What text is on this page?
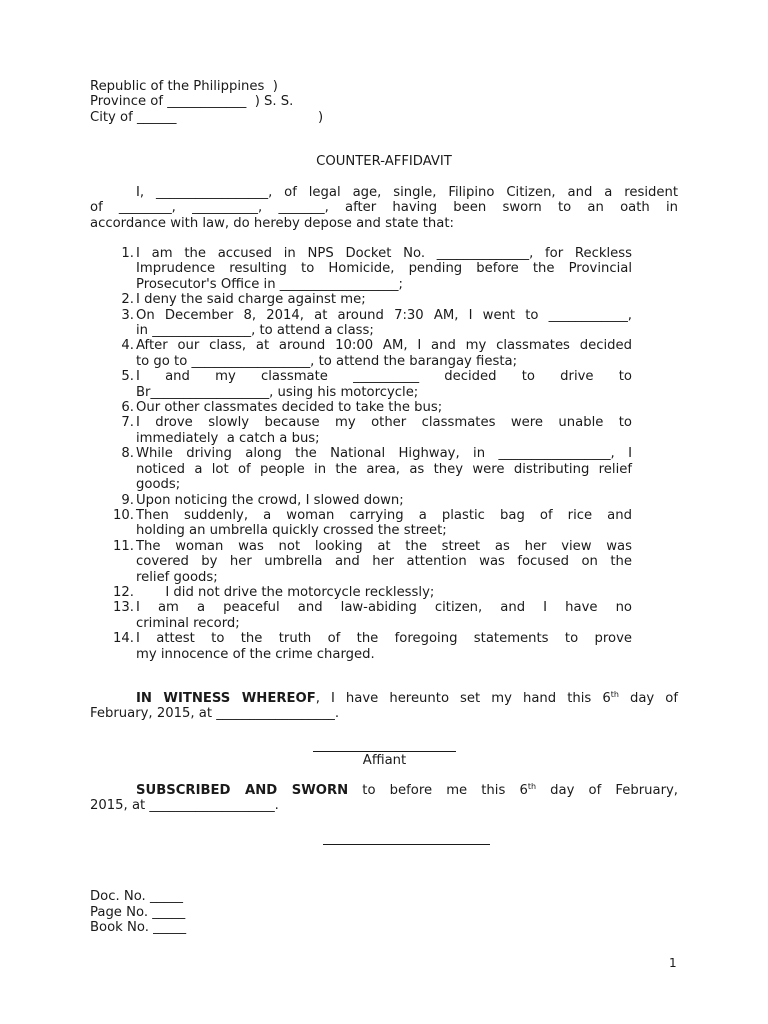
Republic of the Philippines  )
Province of ____________  ) S. S.
City of ______	)
COUNTER-AFFIDAVIT
I, _________________, of legal age, single, Filipino Citizen, and a resident
of ________, __________, _______, after having been sworn to an oath in
accordance with law, do hereby depose and state that:
1. I am the accused in NPS Docket No. ______________, for Reckless
Imprudence resulting to Homicide, pending before the Provincial
Prosecutor's Office in __________________;
2. I deny the said charge against me;
3. On December 8, 2014, at around 7:30 AM, I went to ____________,
in _______________, to attend a class;
4. After our class, at around 10:00 AM, I and my classmates decided
to go to __________________, to attend the barangay fiesta;
5. I and my classmate __________ decided to drive to
Br__________________, using his motorcycle;
6. Our other classmates decided to take the bus;
7. I drove slowly because my other classmates were unable to
immediately  a catch a bus;
8. While driving along the National Highway, in _________________, I
noticed a lot of people in the area, as they were distributing relief
goods;
9. Upon noticing the crowd, I slowed down;
10. Then suddenly, a woman carrying a plastic bag of rice and
holding an umbrella quickly crossed the street;
11. The woman was not looking at the street as her view was
covered by her umbrella and her attention was focused on the
relief goods;
12. I did not drive the motorcycle recklessly;
13. I am a peaceful and law-abiding citizen, and I have no
criminal record;
14. I attest to the truth of the foregoing statements to prove
my innocence of the crime charged.
IN WITNESS WHEREOF, I have hereunto set my hand this 6th day of
February, 2015, at __________________.
Affiant
SUBSCRIBED AND SWORN to before me this 6th day of February,
2015, at ___________________.
Doc. No. _____
Page No. _____
Book No. _____
1
